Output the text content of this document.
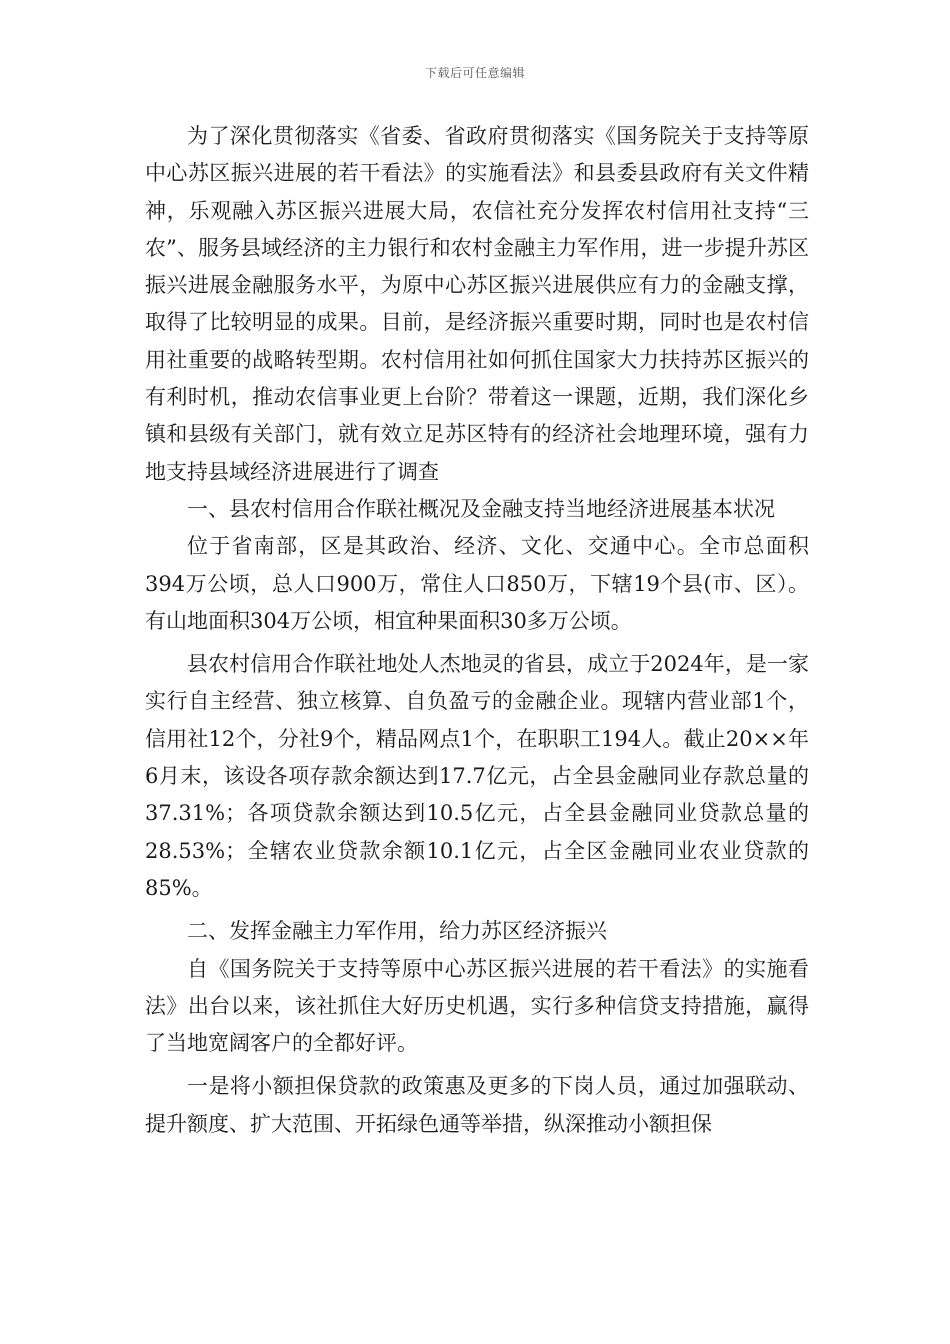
下载后可任意编辑

为了深化贯彻落实《省委、省政府贯彻落实《国务院关于支持等原中心苏区振兴进展的若干看法》的实施看法》和县委县政府有关文件精神，乐观融入苏区振兴进展大局，农信社充分发挥农村信用社支持“三农”、服务县域经济的主力银行和农村金融主力军作用，进一步提升苏区振兴进展金融服务水平，为原中心苏区振兴进展供应有力的金融支撑，取得了比较明显的成果。目前，是经济振兴重要时期，同时也是农村信用社重要的战略转型期。农村信用社如何抓住国家大力扶持苏区振兴的有利时机，推动农信事业更上台阶？带着这一课题，近期，我们深化乡镇和县级有关部门，就有效立足苏区特有的经济社会地理环境，强有力地支持县域经济进展进行了调查

一、县农村信用合作联社概况及金融支持当地经济进展基本状况

位于省南部，区是其政治、经济、文化、交通中心。全市总面积394万公顷，总人口900万，常住人口850万，下辖19个县(市、区）。有山地面积304万公顷，相宜种果面积30多万公顷。

县农村信用合作联社地处人杰地灵的省县，成立于2024年，是一家实行自主经营、独立核算、自负盈亏的金融企业。现辖内营业部1个，信用社12个，分社9个，精品网点1个，在职职工194人。截止20××年6月末，该设各项存款余额达到17.7亿元，占全县金融同业存款总量的37.31%；各项贷款余额达到10.5亿元，占全县金融同业贷款总量的28.53%；全辖农业贷款余额10.1亿元，占全区金融同业农业贷款的85%。

二、发挥金融主力军作用，给力苏区经济振兴

自《国务院关于支持等原中心苏区振兴进展的若干看法》的实施看法》出台以来，该社抓住大好历史机遇，实行多种信贷支持措施，赢得了当地宽阔客户的全都好评。

一是将小额担保贷款的政策惠及更多的下岗人员，通过加强联动、提升额度、扩大范围、开拓绿色通等举措，纵深推动小额担保
